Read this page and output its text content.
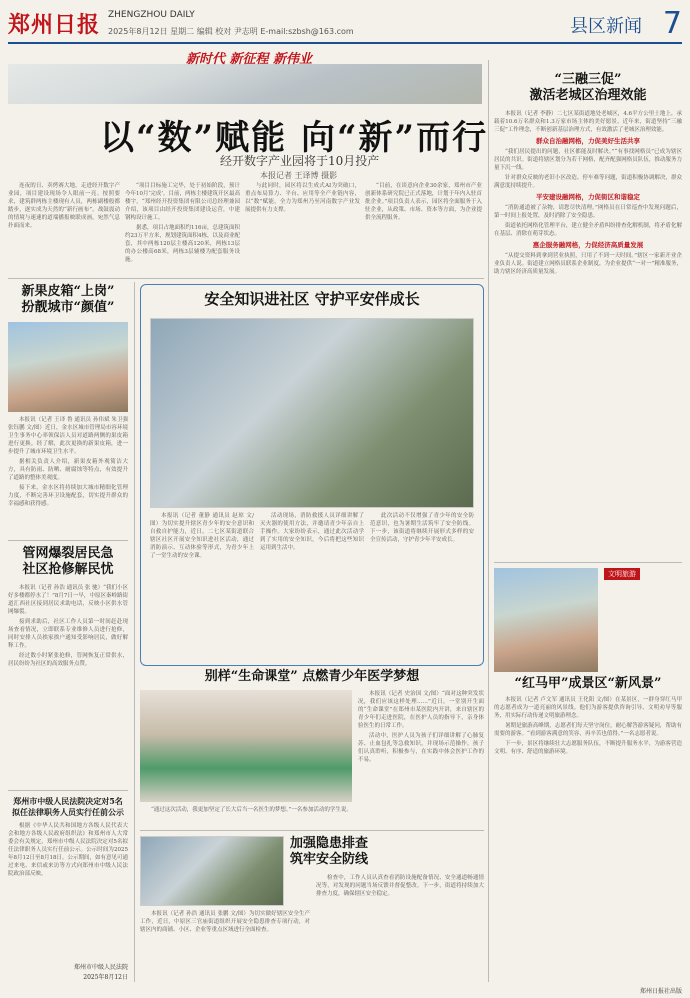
郑州日报 ZHENGZHOU DAILY
2025年8月12日 星期二 编辑 校对 尹志明 E-mail:szbsh@163.com	县区新闻 7
新时代 新征程 新伟业
以“数”赋能 向“新”而行
经开数字产业园将于10月投产
本报记者 王译博 摄影

连夜的日、卖烤赛大地，走进经开数字产业园，项目建设现场令人眼前一亮。按照要求，建筑群两栋主楼现有人员，两栋副楼般都踏步，逐实成为天然的“新行画布”。战鼓震动的情境与速速的道端播报映联成画，宛然气息扑面而来。

“项目目标施工完毕，处于初始阶段，预计今年10月‘完成’。目前，两栋主楼建筑开区最高楼宇，“郑州经开投资集团有限公司总经理兼园介绍，该项目由经开投资集团建设运营，中建钢构设计施工。

据悉，项目占地面积约116亩，总建筑面积约23万平方米，规划建筑面积4栋，以及商业配套，其中两栋120层主楼高120米，两栋13层的办公楼高68米，两栋3层辅楼为配套服务设施。

与此同时，园区将以生成式AI为突破口，重点布局算力、平台、应用等全产业链内容，以“数”赋能，全力为郑州乃至河南数字产业发展提供有力支撑。

“目前，在谈意向企业30余家，郑州市产业创新体系研究院已正式落地，计划于年内入驻首批企业。”项目负责人表示，园区将全面服务于入驻企业，从政策、市场、资本等方面，为企业提供全流程服务。

新果皮箱“上岗”
扮靓城市“颜值”

本报讯（记者 王译 鲁 通讯员 孙伟斌 朱卫强 张钰鹏 文/图）近日，金水区城市管理局市容环境卫生事务中心率领保洁人员对道路两侧的果皮箱进行更换。经了解，此次更换的新果皮箱，进一步提升了城市环境卫生水平。

据相关负责人介绍，新果皮箱外观简洁大方，具有防雨、防晒、耐腐蚀等特点，有效提升了道路的整体美观度。

接下来，金水区将持续加大城市精细化管理力度，不断完善环卫设施配套，切实提升群众的幸福感和获得感。

管网爆裂居民急
社区抢修解民忧

本报讯（记者 孙浩 通讯员 张 驰）“我们小区好多楼都停水了！”8月7日一早，中原区秦岭路街道汇西社区接到居民求助电话，反映小区供水管网爆裂。

接到求助后，社区工作人员第一时间赶赴现场查看情况，立即联系专业维修人员进行抢修，同时安排人员挨家挨户通知受影响居民，做好解释工作。

经过数小时紧张抢修，管网恢复正常供水，居民纷纷为社区的高效服务点赞。

郑州市中级人民法院决定对5名
拟任法律职务人员实行任前公示

根据《中华人民共和国地方各级人民代表大会和地方各级人民政府组织法》和郑州市人大常委会有关规定，郑州市中级人民法院决定对5名拟任法律职务人员实行任前公示。公示时间为2025年8月12日至8月18日。公示期间，如有意见可通过来电、来信或来访等方式向郑州市中级人民法院政治部反映。

郑州市中级人民法院
2025年8月12日
安全知识进社区 守护平安伴成长

本报讯（记者 董静 通讯员 赵琼 文/图）为切实提升辖区青少年的安全意识和自救自护能力，近日，二七区某街道联合辖区社区开展安全知识进社区活动，通过消防演示、互动体验等形式，为青少年上了一堂生动的安全课。

活动现场，消防救援人员详细讲解了灭火器的使用方法，并邀请青少年亲自上手操作。大家纷纷表示，通过此次活动学到了实用的安全知识，今后将把这些知识运用到生活中。

此次活动不仅增强了青少年的安全防范意识，也为暑期生活筑牢了安全防线。下一步，该街道将继续开展形式多样的安全宣传活动，守护青少年平安成长。

别样“生命课堂” 点燃青少年医学梦想

本报讯（记者 史治国 文/图）“面对这种突发状况，我们应该这样处理……”近日，一堂别开生面的“生命课堂”在郑州市某医院内开讲，来自辖区的青少年们走进医院，在医护人员的指导下，亲身体验医生的日常工作。

活动中，医护人员为孩子们详细讲解了心肺复苏、止血包扎等急救知识，并现场示范操作。孩子们认真聆听，积极参与，在实践中体会医护工作的不易。

“通过这次活动，我更加坚定了长大后当一名医生的梦想。”一名参加活动的学生说。

加强隐患排查
筑牢安全防线

本报讯（记者 孙浩 通讯员 张鹏 文/图）为切实做好辖区安全生产工作，近日，中原区三官庙街道组织开展安全隐患排查专项行动，对辖区内的商铺、小区、企业等重点区域进行全面检查。

检查中，工作人员认真查看消防设施配备情况、安全通道畅通情况等，对发现的问题当场反馈并督促整改。下一步，街道将持续加大排查力度，确保辖区安全稳定。

“三融三促”
激活老城区治理效能

本报讯（记者 李静）二七区某街道地处老城区，4.6平方公里土地上，承载着10.6万名群众和1.3万家市场主体的美好愿景。近年来，街道坚持“三融三促”工作理念，不断创新基层治理方式，有效激活了老城区治理效能。

群众自治融网格，力促美好生活共享

“我们居民提出的问题，社区都能及时解决。”“有事找网格员”已成为辖区居民的共识。街道将辖区划分为若干网格，配齐配强网格员队伍，推动服务力量下沉一线。

针对群众反映的老旧小区改造、停车难等问题，街道积极协调解决，群众满意度持续提升。

平安建设融网格，力促街区和谐稳定

“消防通道被了杂物，请您尽快清理。”网格员在日常巡查中发现问题后，第一时间上报处置，及时消除了安全隐患。

街道依托网格化管理平台，建立健全矛盾纠纷排查化解机制，将矛盾化解在基层、消除在萌芽状态。

惠企服务融网格，力促经济高质量发展

“从提交资料到拿到营业执照，只用了不到一天时间。”辖区一家新开业企业负责人说。街道建立网格员联系企业制度，为企业提供“一对一”精准服务，助力辖区经济高质量发展。

文明旅游
“红马甲”成景区“新风景”

本报讯（记者 卢文军 通讯员 王化阳 文/图）在某景区，一群身穿红马甲的志愿者成为一道亮丽的风景线。他们为游客提供咨询引导、文明劝导等服务，用实际行动传递文明旅游理念。

暑期是旅游高峰期，志愿者们每天坚守岗位，耐心解答游客疑问，帮助有需要的游客。“看到游客满意的笑容，再辛苦也值得。”一名志愿者说。

下一步，景区将继续壮大志愿服务队伍，不断提升服务水平，为游客营造文明、有序、舒适的旅游环境。

郑州日报社出版
